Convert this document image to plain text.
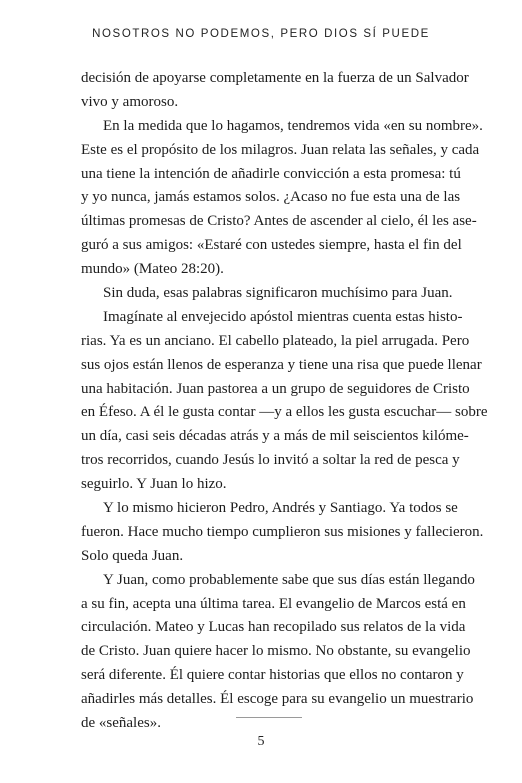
NOSOTROS NO PODEMOS, PERO DIOS SÍ PUEDE
decisión de apoyarse completamente en la fuerza de un Salvador
vivo y amoroso.
En la medida que lo hagamos, tendremos vida «en su nombre».
Este es el propósito de los milagros. Juan relata las señales, y cada
una tiene la intención de añadirle convicción a esta promesa: tú
y yo nunca, jamás estamos solos. ¿Acaso no fue esta una de las
últimas promesas de Cristo? Antes de ascender al cielo, él les ase-
guró a sus amigos: «Estaré con ustedes siempre, hasta el fin del
mundo» (Mateo 28:20).
Sin duda, esas palabras significaron muchísimo para Juan.
Imagínate al envejecido apóstol mientras cuenta estas histo-
rias. Ya es un anciano. El cabello plateado, la piel arrugada. Pero
sus ojos están llenos de esperanza y tiene una risa que puede llenar
una habitación. Juan pastorea a un grupo de seguidores de Cristo
en Éfeso. A él le gusta contar —y a ellos les gusta escuchar— sobre
un día, casi seis décadas atrás y a más de mil seiscientos kilóme-
tros recorridos, cuando Jesús lo invitó a soltar la red de pesca y
seguirlo. Y Juan lo hizo.
Y lo mismo hicieron Pedro, Andrés y Santiago. Ya todos se
fueron. Hace mucho tiempo cumplieron sus misiones y fallecieron.
Solo queda Juan.
Y Juan, como probablemente sabe que sus días están llegando
a su fin, acepta una última tarea. El evangelio de Marcos está en
circulación. Mateo y Lucas han recopilado sus relatos de la vida
de Cristo. Juan quiere hacer lo mismo. No obstante, su evangelio
será diferente. Él quiere contar historias que ellos no contaron y
añadirles más detalles. Él escoge para su evangelio un muestrario
de «señales».
5
